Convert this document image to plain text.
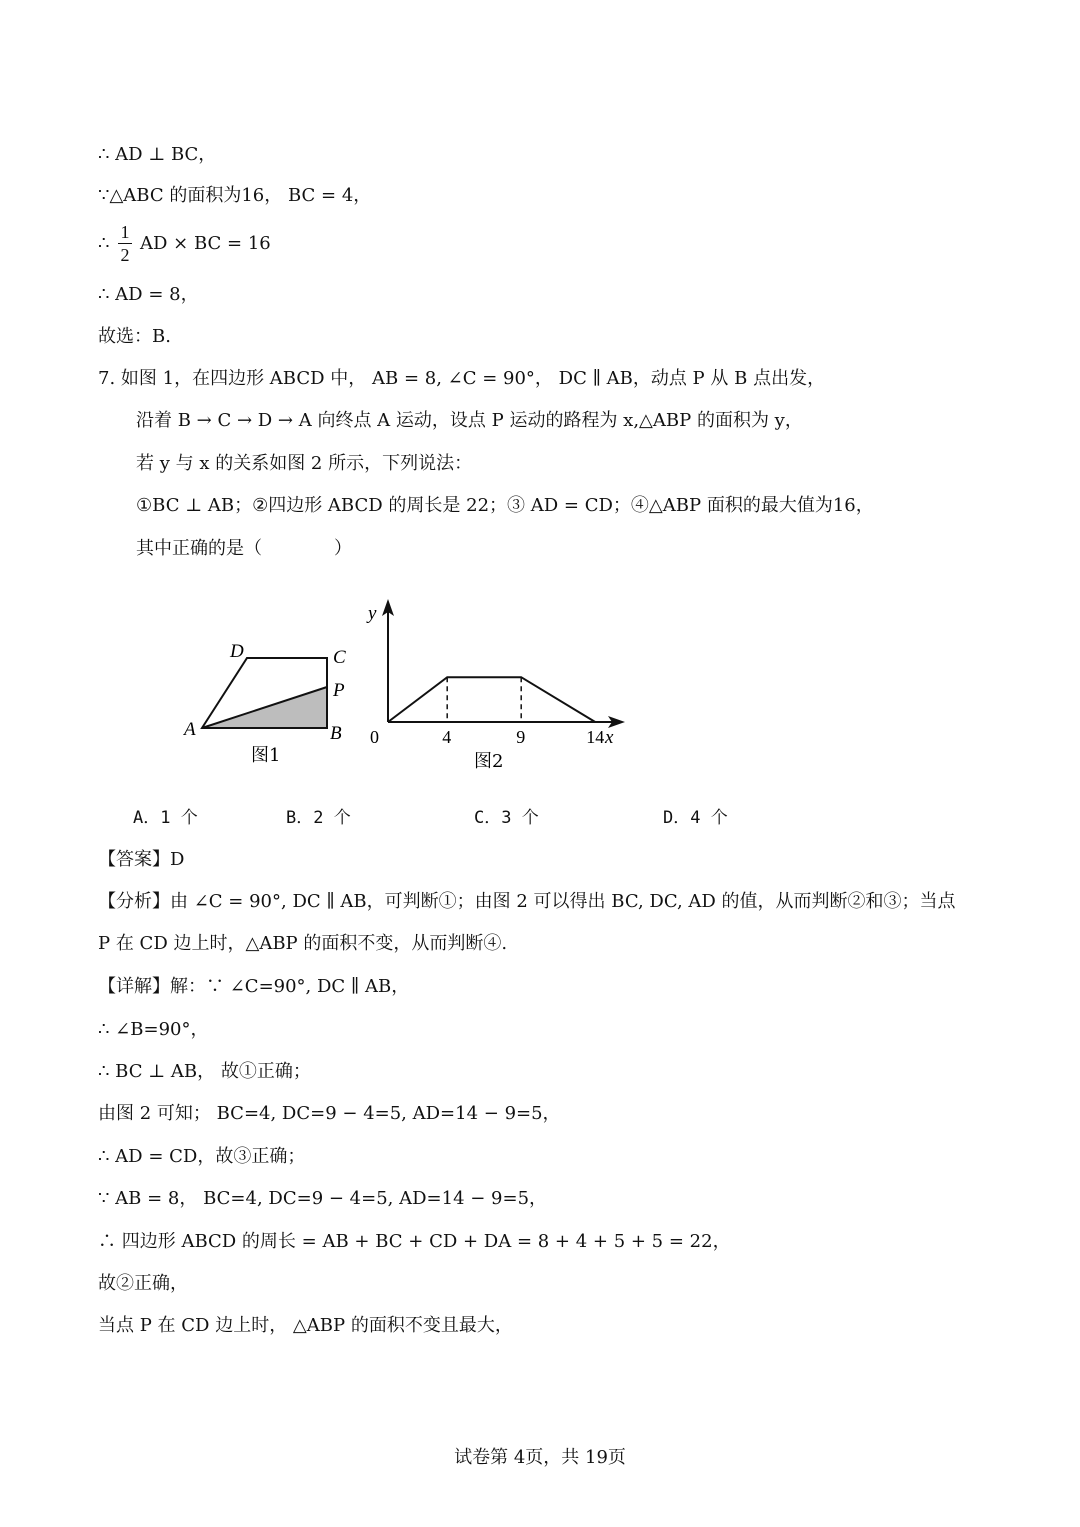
∴ AD ⊥ BC，
∵△ABC 的面积为16， BC = 4，
∴
1
2
AD × BC = 16
∴ AD = 8，
故选：B.
7. 如图 1，在四边形 ABCD 中， AB = 8, ∠C = 90°， DC ∥ AB，动点 P 从 B 点出发，
沿着 B → C → D → A 向终点 A 运动，设点 P 运动的路程为 x,△ABP 的面积为 y，
若 y 与 x 的关系如图 2 所示，下列说法：
①BC ⊥ AB；②四边形 ABCD 的周长是 22；③ AD = CD；④△ABP 面积的最大值为16，
其中正确的是（　　　　）
A	B
C
D
P
图1
y
x
0	4	9	14
图2
A．1 个	B．2 个	C．3 个	D．4 个
【答案】D
【分析】由 ∠C = 90°, DC ∥ AB，可判断①；由图 2 可以得出 BC, DC, AD 的值，从而判断②和③；当点
P 在 CD 边上时，△ABP 的面积不变，从而判断④.
【详解】解：∵ ∠C=90°, DC ∥ AB，
∴ ∠B=90°，
∴ BC ⊥ AB， 故①正确；
由图 2 可知； BC=4, DC=9 − 4=5, AD=14 − 9=5，
∴ AD = CD，故③正确；
∵ AB = 8， BC=4, DC=9 − 4=5, AD=14 − 9=5，
∴ 四边形 ABCD 的周长 = AB + BC + CD + DA = 8 + 4 + 5 + 5 = 22，
故②正确，
当点 P 在 CD 边上时， △ABP 的面积不变且最大，
试卷第 4页，共 19页
